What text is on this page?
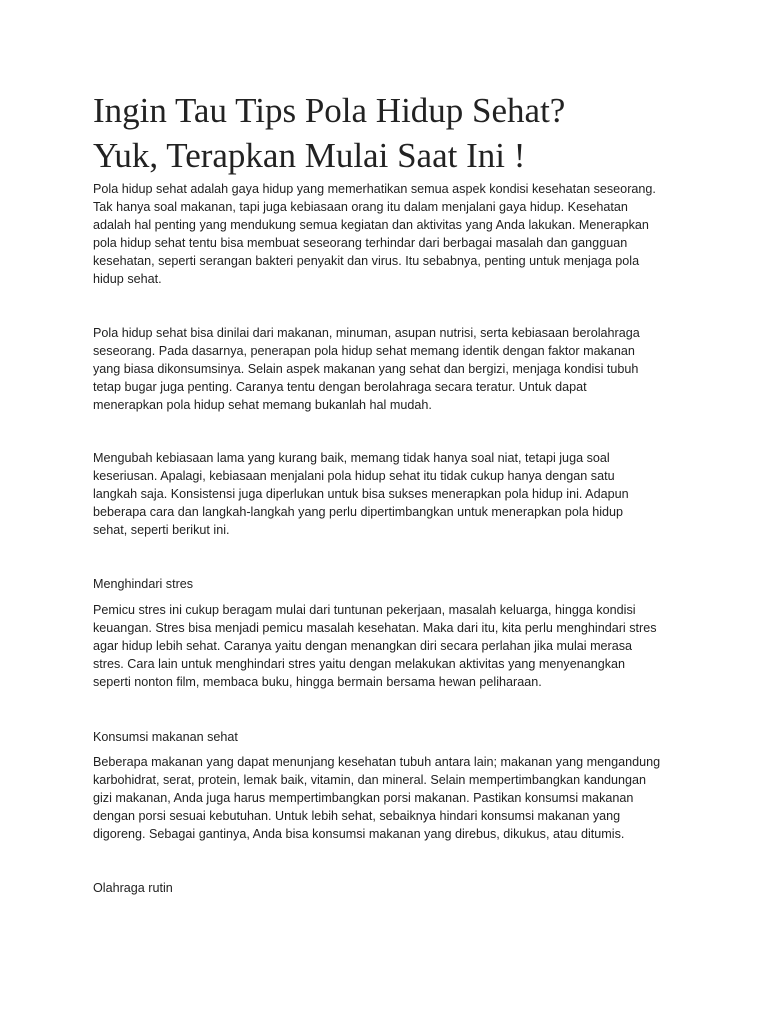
Ingin Tau Tips Pola Hidup Sehat?
Yuk, Terapkan Mulai Saat Ini !
Pola hidup sehat adalah gaya hidup yang memerhatikan semua aspek kondisi kesehatan seseorang.
Tak hanya soal makanan, tapi juga kebiasaan orang itu dalam menjalani gaya hidup. Kesehatan
adalah hal penting yang mendukung semua kegiatan dan aktivitas yang Anda lakukan. Menerapkan
pola hidup sehat tentu bisa membuat seseorang terhindar dari berbagai masalah dan gangguan
kesehatan, seperti serangan bakteri penyakit dan virus. Itu sebabnya, penting untuk menjaga pola
hidup sehat.
Pola hidup sehat bisa dinilai dari makanan, minuman, asupan nutrisi, serta kebiasaan berolahraga
seseorang. Pada dasarnya, penerapan pola hidup sehat memang identik dengan faktor makanan
yang biasa dikonsumsinya. Selain aspek makanan yang sehat dan bergizi, menjaga kondisi tubuh
tetap bugar juga penting. Caranya tentu dengan berolahraga secara teratur. Untuk dapat
menerapkan pola hidup sehat memang bukanlah hal mudah.
Mengubah kebiasaan lama yang kurang baik, memang tidak hanya soal niat, tetapi juga soal
keseriusan. Apalagi, kebiasaan menjalani pola hidup sehat itu tidak cukup hanya dengan satu
langkah saja. Konsistensi juga diperlukan untuk bisa sukses menerapkan pola hidup ini. Adapun
beberapa cara dan langkah-langkah yang perlu dipertimbangkan untuk menerapkan pola hidup
sehat, seperti berikut ini.

Menghindari stres

Pemicu stres ini cukup beragam mulai dari tuntunan pekerjaan, masalah keluarga, hingga kondisi
keuangan. Stres bisa menjadi pemicu masalah kesehatan. Maka dari itu, kita perlu menghindari stres
agar hidup lebih sehat. Caranya yaitu dengan menangkan diri secara perlahan jika mulai merasa
stres. Cara lain untuk menghindari stres yaitu dengan melakukan aktivitas yang menyenangkan
seperti nonton film, membaca buku, hingga bermain bersama hewan peliharaan.

Konsumsi makanan sehat

Beberapa makanan yang dapat menunjang kesehatan tubuh antara lain; makanan yang mengandung
karbohidrat, serat, protein, lemak baik, vitamin, dan mineral. Selain mempertimbangkan kandungan
gizi makanan, Anda juga harus mempertimbangkan porsi makanan. Pastikan konsumsi makanan
dengan porsi sesuai kebutuhan. Untuk lebih sehat, sebaiknya hindari konsumsi makanan yang
digoreng. Sebagai gantinya, Anda bisa konsumsi makanan yang direbus, dikukus, atau ditumis.

Olahraga rutin
